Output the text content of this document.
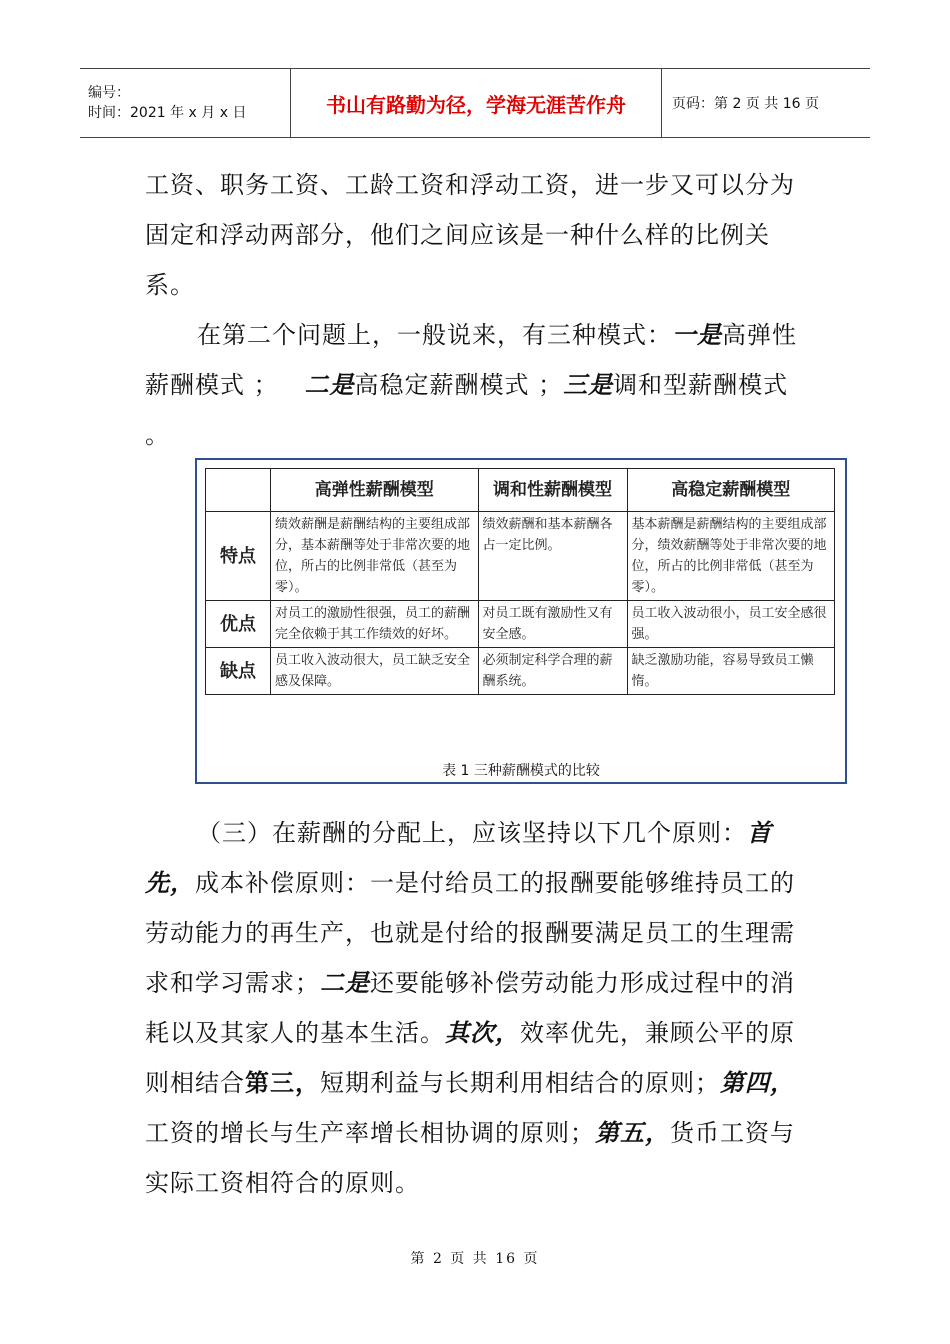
编号：
时间：2021 年 x 月 x 日	书山有路勤为径，学海无涯苦作舟	页码：第 2 页 共 16 页

工资、职务工资、工龄工资和浮动工资，进一步又可以分为固定和浮动两部分，他们之间应该是一种什么样的比例关系。

在第二个问题上，一般说来，有三种模式：一是高弹性薪酬模式 ； 二是高稳定薪酬模式 ；三是调和型薪酬模式 。

	高弹性薪酬模型	调和性薪酬模型	高稳定薪酬模型
特点	绩效薪酬是薪酬结构的主要组成部分，基本薪酬等处于非常次要的地位，所占的比例非常低（甚至为零）。	绩效薪酬和基本薪酬各占一定比例。	基本薪酬是薪酬结构的主要组成部分，绩效薪酬等处于非常次要的地位，所占的比例非常低（甚至为零）。
优点	对员工的激励性很强，员工的薪酬完全依赖于其工作绩效的好坏。	对员工既有激励性又有安全感。	员工收入波动很小，员工安全感很强。
缺点	员工收入波动很大，员工缺乏安全感及保障。	必须制定科学合理的薪酬系统。	缺乏激励功能，容易导致员工懒惰。
表 1 三种薪酬模式的比较

（三）在薪酬的分配上，应该坚持以下几个原则：首先，成本补偿原则：一是付给员工的报酬要能够维持员工的劳动能力的再生产，也就是付给的报酬要满足员工的生理需求和学习需求；二是还要能够补偿劳动能力形成过程中的消耗以及其家人的基本生活。其次，效率优先，兼顾公平的原则相结合第三，短期利益与长期利用相结合的原则；第四，工资的增长与生产率增长相协调的原则；第五，货币工资与实际工资相符合的原则。

第 2 页 共 16 页
